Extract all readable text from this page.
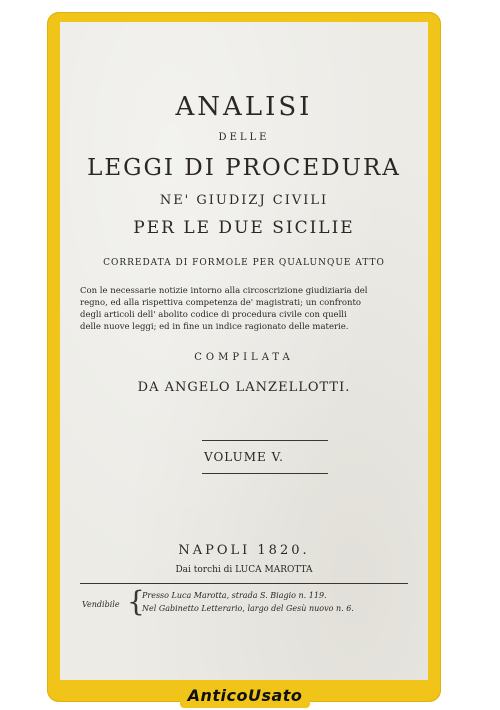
ANALISI
DELLE
LEGGI DI PROCEDURA
NE' GIUDIZJ CIVILI
PER LE DUE SICILIE
CORREDATA DI FORMOLE PER QUALUNQUE ATTO
Con le necessarie notizie intorno alla circoscrizione giudiziaria del
regno, ed alla rispettiva competenza de' magistrati; un confronto
degli articoli dell' abolito codice di procedura civile con quelli
delle nuove leggi; ed in fine un indice ragionato delle materie.
COMPILATA
DA ANGELO LANZELLOTTI.
VOLUME V.
NAPOLI 1820.
Dai torchi di LUCA MAROTTA
Vendibile {
Presso Luca Marotta, strada S. Biagio n. 119.
Nel Gabinetto Letterario, largo del Gesù nuovo n. 6.
AnticoUsato
